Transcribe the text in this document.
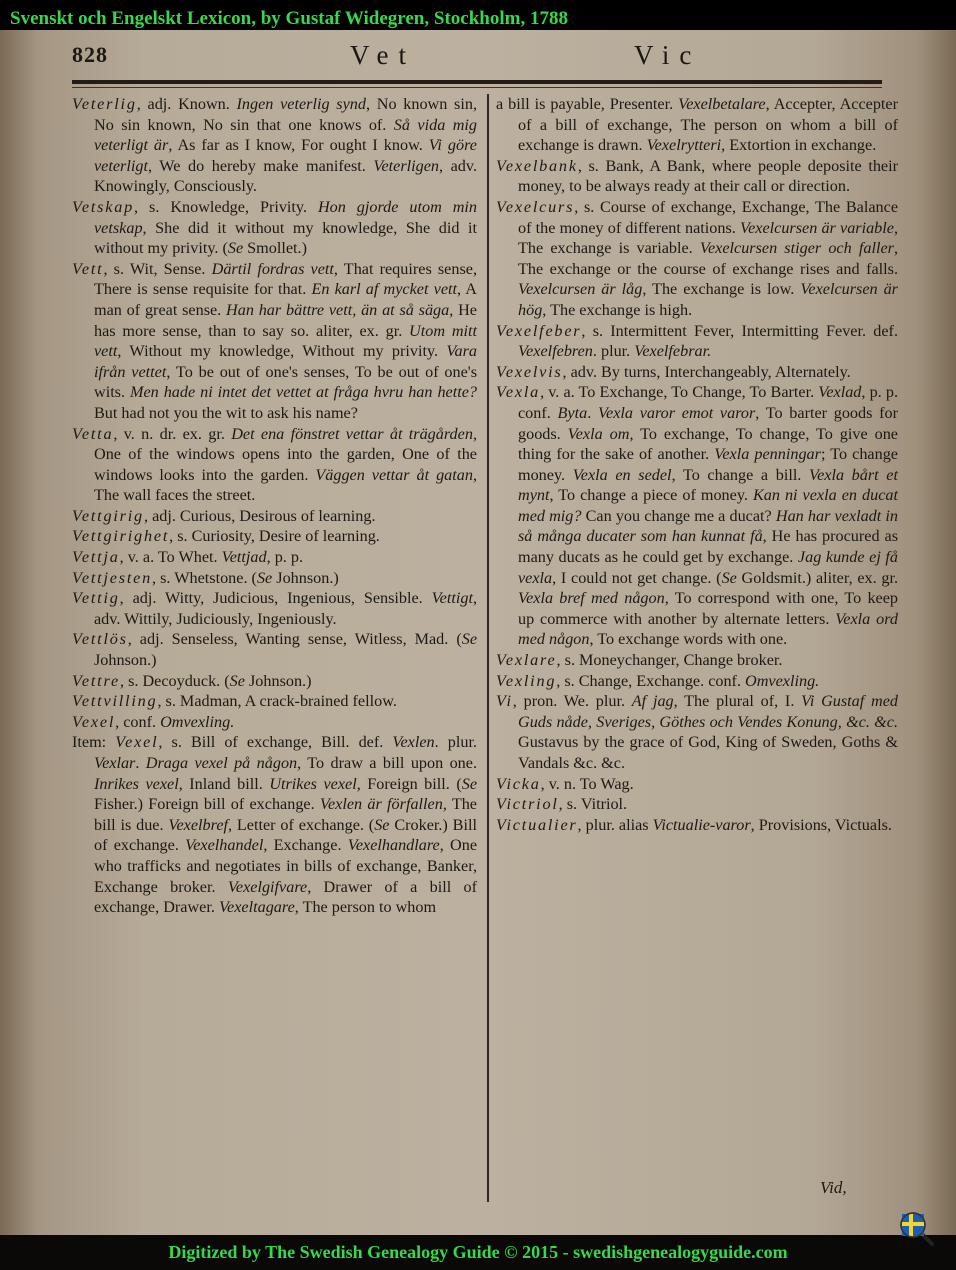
Svenskt och Engelskt Lexicon, by Gustaf Widegren, Stockholm, 1788
828	Vet	Vic

Veterlig, adj. Known. Ingen veterlig synd, No known sin, No sin known, No sin that one knows of. Så vida mig veterligt är, As far as I know, For ought I know. Vi göre veterligt, We do hereby make manifest. Veterligen, adv. Knowingly, Consciously.

Vetskap, s. Knowledge, Privity. Hon gjorde utom min vetskap, She did it without my knowledge, She did it without my privity. (Se Smollet.)

Vett, s. Wit, Sense. Därtil fordras vett, That requires sense, There is sense requisite for that. En karl af mycket vett, A man of great sense. Han har bättre vett, än at så säga, He has more sense, than to say so. aliter, ex. gr. Utom mitt vett, Without my knowledge, Without my privity. Vara ifrån vettet, To be out of one's senses, To be out of one's wits. Men hade ni intet det vettet at fråga hvru han hette? But had not you the wit to ask his name?

Vetta, v. n. dr. ex. gr. Det ena fönstret vettar åt trägården, One of the windows opens into the garden, One of the windows looks into the garden. Väggen vettar åt gatan, The wall faces the street.

Vettgirig, adj. Curious, Desirous of learning.

Vettgirighet, s. Curiosity, Desire of learning.

Vettja, v. a. To Whet. Vettjad, p. p.

Vettjesten, s. Whetstone. (Se Johnson.)

Vettig, adj. Witty, Judicious, Ingenious, Sensible. Vettigt, adv. Wittily, Judiciously, Ingeniously.

Vettlös, adj. Senseless, Wanting sense, Witless, Mad. (Se Johnson.)

Vettre, s. Decoyduck. (Se Johnson.)

Vettvilling, s. Madman, A crack-brained fellow.

Vexel, conf. Omvexling.

Item: Vexel, s. Bill of exchange, Bill. def. Vexlen. plur. Vexlar. Draga vexel på någon, To draw a bill upon one. Inrikes vexel, Inland bill. Utrikes vexel, Foreign bill. (Se Fisher.) Foreign bill of exchange. Vexlen är förfallen, The bill is due. Vexelbref, Letter of exchange. (Se Croker.) Bill of exchange. Vexelhandel, Exchange. Vexelhandlare, One who trafficks and negotiates in bills of exchange, Banker, Exchange broker. Vexelgifvare, Drawer of a bill of exchange, Drawer. Vexeltagare, The person to whom

a bill is payable, Presenter. Vexelbetalare, Accepter, Accepter of a bill of exchange, The person on whom a bill of exchange is drawn. Vexelrytteri, Extortion in exchange.

Vexelbank, s. Bank, A Bank, where people deposite their money, to be always ready at their call or direction.

Vexelcurs, s. Course of exchange, Exchange, The Balance of the money of different nations. Vexelcursen är variable, The exchange is variable. Vexelcursen stiger och faller, The exchange or the course of exchange rises and falls. Vexelcursen är låg, The exchange is low. Vexelcursen är hög, The exchange is high.

Vexelfeber, s. Intermittent Fever, Intermitting Fever. def. Vexelfebren. plur. Vexelfebrar.

Vexelvis, adv. By turns, Interchangeably, Alternately.

Vexla, v. a. To Exchange, To Change, To Barter. Vexlad, p. p. conf. Byta. Vexla varor emot varor, To barter goods for goods. Vexla om, To exchange, To change, To give one thing for the sake of another. Vexla penningar; To change money. Vexla en sedel, To change a bill. Vexla bårt et mynt, To change a piece of money. Kan ni vexla en ducat med mig? Can you change me a ducat? Han har vexladt in så många ducater som han kunnat få, He has procured as many ducats as he could get by exchange. Jag kunde ej få vexla, I could not get change. (Se Goldsmit.) aliter, ex. gr. Vexla bref med någon, To correspond with one, To keep up commerce with another by alternate letters. Vexla ord med någon, To exchange words with one.

Vexlare, s. Moneychanger, Change broker.

Vexling, s. Change, Exchange. conf. Omvexling.

Vi, pron. We. plur. Af jag, The plural of, I. Vi Gustaf med Guds nåde, Sveriges, Göthes och Vendes Konung, &c. &c. Gustavus by the grace of God, King of Sweden, Goths & Vandals &c. &c.

Vicka, v. n. To Wag.

Victriol, s. Vitriol.

Victualier, plur. alias Victualie-varor, Provisions, Victuals.

Vid,
Digitized by The Swedish Genealogy Guide © 2015 - swedishgenealogyguide.com
